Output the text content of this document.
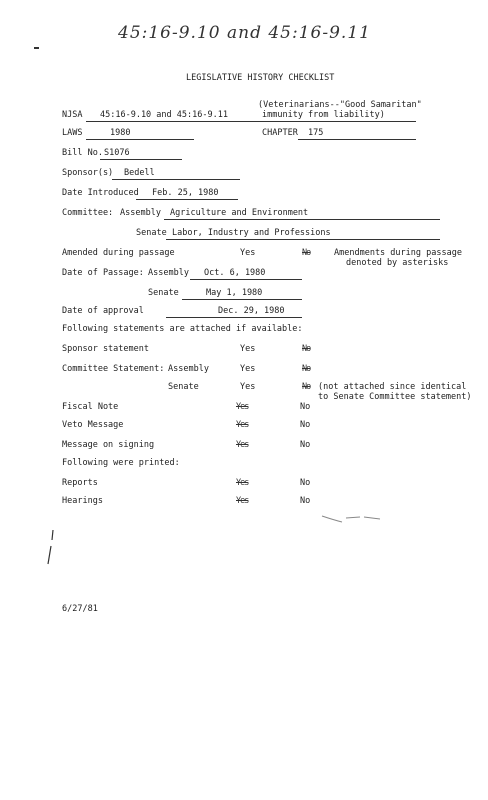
45:16-9.10 and 45:16-9.11
LEGISLATIVE HISTORY CHECKLIST
NJSA 45:16-9.10 and 45:16-9.11
(Veterinarians--"Good Samaritan"
immunity from liability)
LAWS	1980	CHAPTER 175
Bill No. S1076
Sponsor(s) Bedell
Date Introduced Feb. 25, 1980
Committee: Assembly Agriculture and Environment
Senate Labor, Industry and Professions
Amended during passage	Yes	No	Amendments during passage
denoted by asterisks
Date of Passage: Assembly Oct. 6, 1980
Senate	May 1, 1980
Date of approval	Dec. 29, 1980
Following statements are attached if available:
Sponsor statement	Yes	No
Committee Statement: Assembly	Yes	No
Senate	Yes	No (not attached since identical
to Senate Committee statement)
Fiscal Note	Yes	No
Veto Message	Yes	No
Message on signing	Yes	No
Following were printed:
Reports	Yes	No
Hearings	Yes	No
6/27/81
